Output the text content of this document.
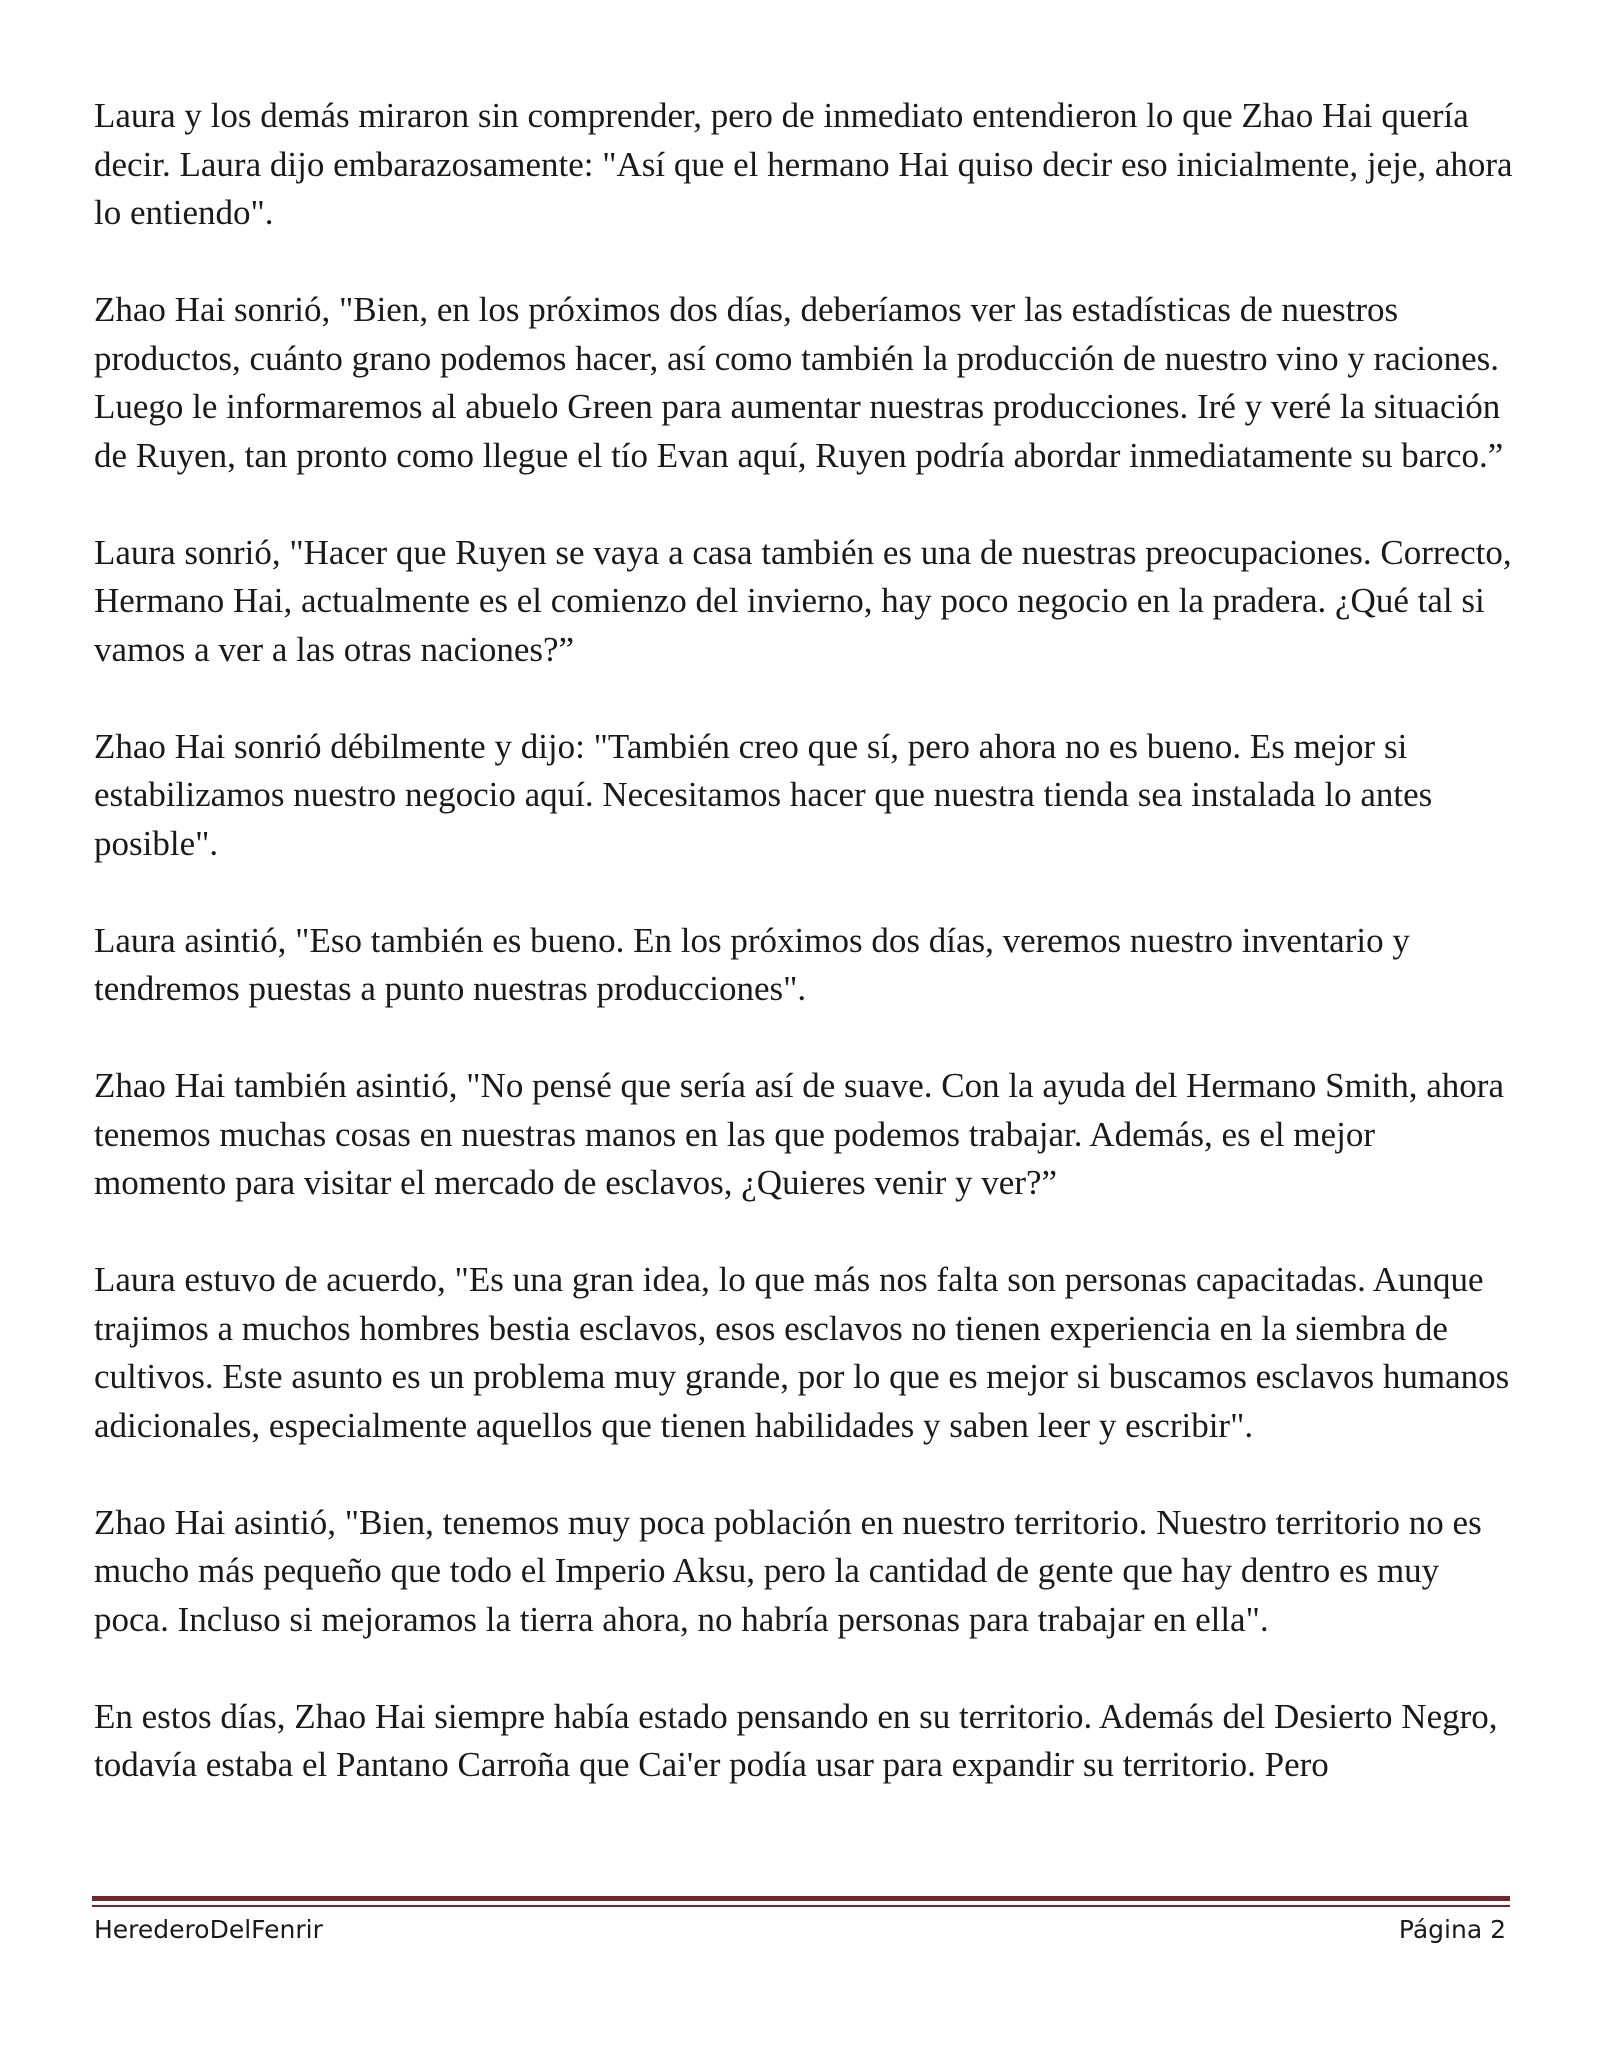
Laura y los demás miraron sin comprender, pero de inmediato entendieron lo que Zhao Hai quería decir. Laura dijo embarazosamente: "Así que el hermano Hai quiso decir eso inicialmente, jeje, ahora lo entiendo".

Zhao Hai sonrió, "Bien, en los próximos dos días, deberíamos ver las estadísticas de nuestros productos, cuánto grano podemos hacer, así como también la producción de nuestro vino y raciones. Luego le informaremos al abuelo Green para aumentar nuestras producciones. Iré y veré la situación de Ruyen, tan pronto como llegue el tío Evan aquí, Ruyen podría abordar inmediatamente su barco.”

Laura sonrió, "Hacer que Ruyen se vaya a casa también es una de nuestras preocupaciones. Correcto, Hermano Hai, actualmente es el comienzo del invierno, hay poco negocio en la pradera. ¿Qué tal si vamos a ver a las otras naciones?”

Zhao Hai sonrió débilmente y dijo: "También creo que sí, pero ahora no es bueno. Es mejor si estabilizamos nuestro negocio aquí. Necesitamos hacer que nuestra tienda sea instalada lo antes posible".

Laura asintió, "Eso también es bueno. En los próximos dos días, veremos nuestro inventario y tendremos puestas a punto nuestras producciones".

Zhao Hai también asintió, "No pensé que sería así de suave. Con la ayuda del Hermano Smith, ahora tenemos muchas cosas en nuestras manos en las que podemos trabajar. Además, es el mejor momento para visitar el mercado de esclavos, ¿Quieres venir y ver?”

Laura estuvo de acuerdo, "Es una gran idea, lo que más nos falta son personas capacitadas. Aunque trajimos a muchos hombres bestia esclavos, esos esclavos no tienen experiencia en la siembra de cultivos. Este asunto es un problema muy grande, por lo que es mejor si buscamos esclavos humanos adicionales, especialmente aquellos que tienen habilidades y saben leer y escribir".

Zhao Hai asintió, "Bien, tenemos muy poca población en nuestro territorio. Nuestro territorio no es mucho más pequeño que todo el Imperio Aksu, pero la cantidad de gente que hay dentro es muy poca. Incluso si mejoramos la tierra ahora, no habría personas para trabajar en ella".

En estos días, Zhao Hai siempre había estado pensando en su territorio. Además del Desierto Negro, todavía estaba el Pantano Carroña que Cai'er podía usar para expandir su territorio. Pero

HerederoDelFenrir	Página 2
